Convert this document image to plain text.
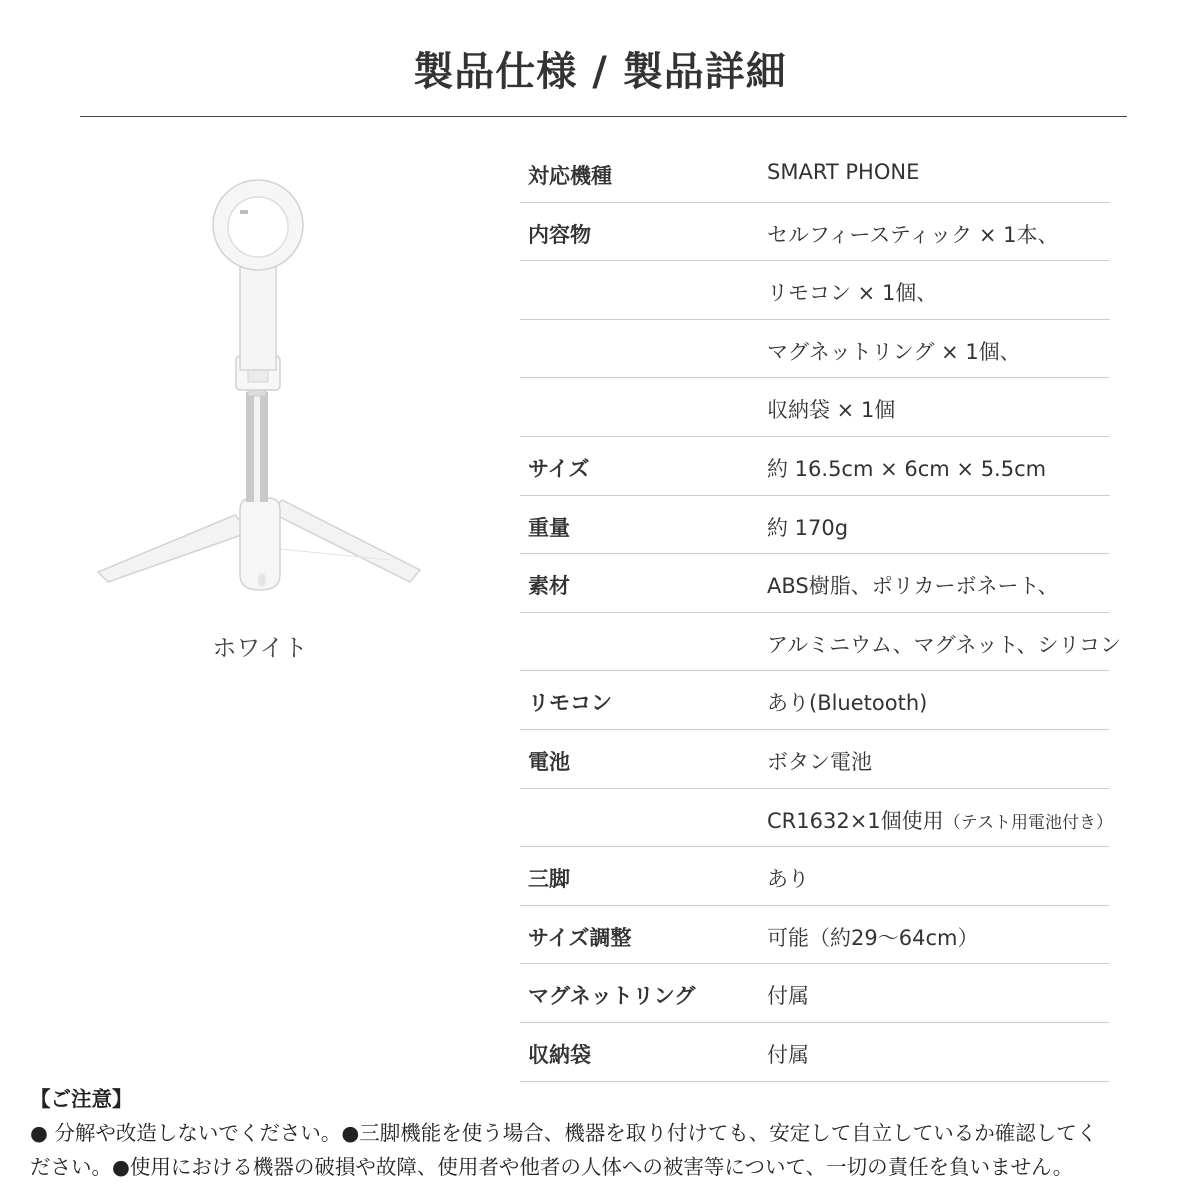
製品仕様 / 製品詳細
ホワイト
対応機種	SMART PHONE
内容物	セルフィースティック × 1本、
リモコン × 1個、
マグネットリング × 1個、
収納袋 × 1個
サイズ	約 16.5cm × 6cm × 5.5cm
重量	約 170g
素材	ABS樹脂、ポリカーボネート、
アルミニウム、マグネット、シリコン
リモコン	あり(Bluetooth)
電池	ボタン電池
CR1632×1個使用（テスト用電池付き）
三脚	あり
サイズ調整	可能（約29〜64cm）
マグネットリング	付属
収納袋	付属
【ご注意】
● 分解や改造しないでください。●三脚機能を使う場合、機器を取り付けても、安定して自立しているか確認してく
ださい。●使用における機器の破損や故障、使用者や他者の人体への被害等について、一切の責任を負いません。
